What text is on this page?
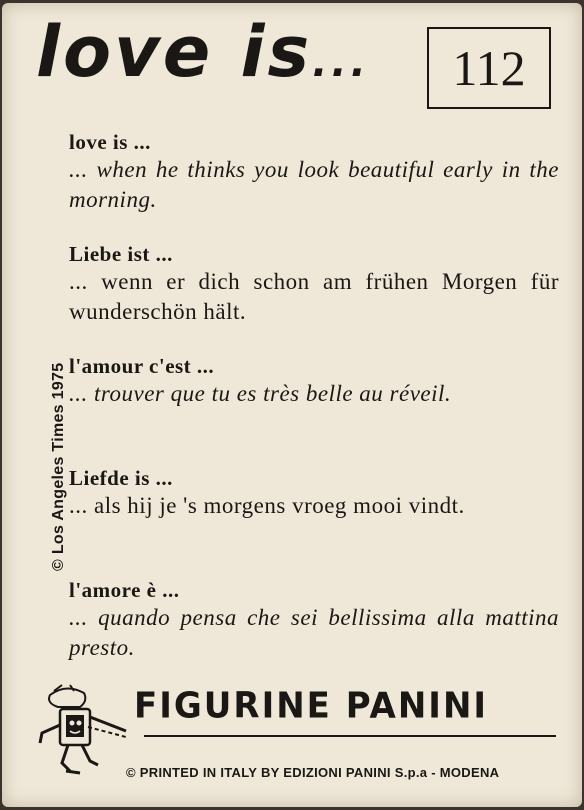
love is... 112
love is ...
... when he thinks you look beautiful early in the morning.
Liebe ist ...
... wenn er dich schon am frühen Morgen für wunderschön hält.
l'amour c'est ...
... trouver que tu es très belle au réveil.
Liefde is ...
... als hij je 's morgens vroeg mooi vindt.
l'amore è ...
... quando pensa che sei bellissima alla mattina presto.
© Los Angeles Times 1975
FIGURINE PANINI
© PRINTED IN ITALY BY EDIZIONI PANINI S.p.a - MODENA
